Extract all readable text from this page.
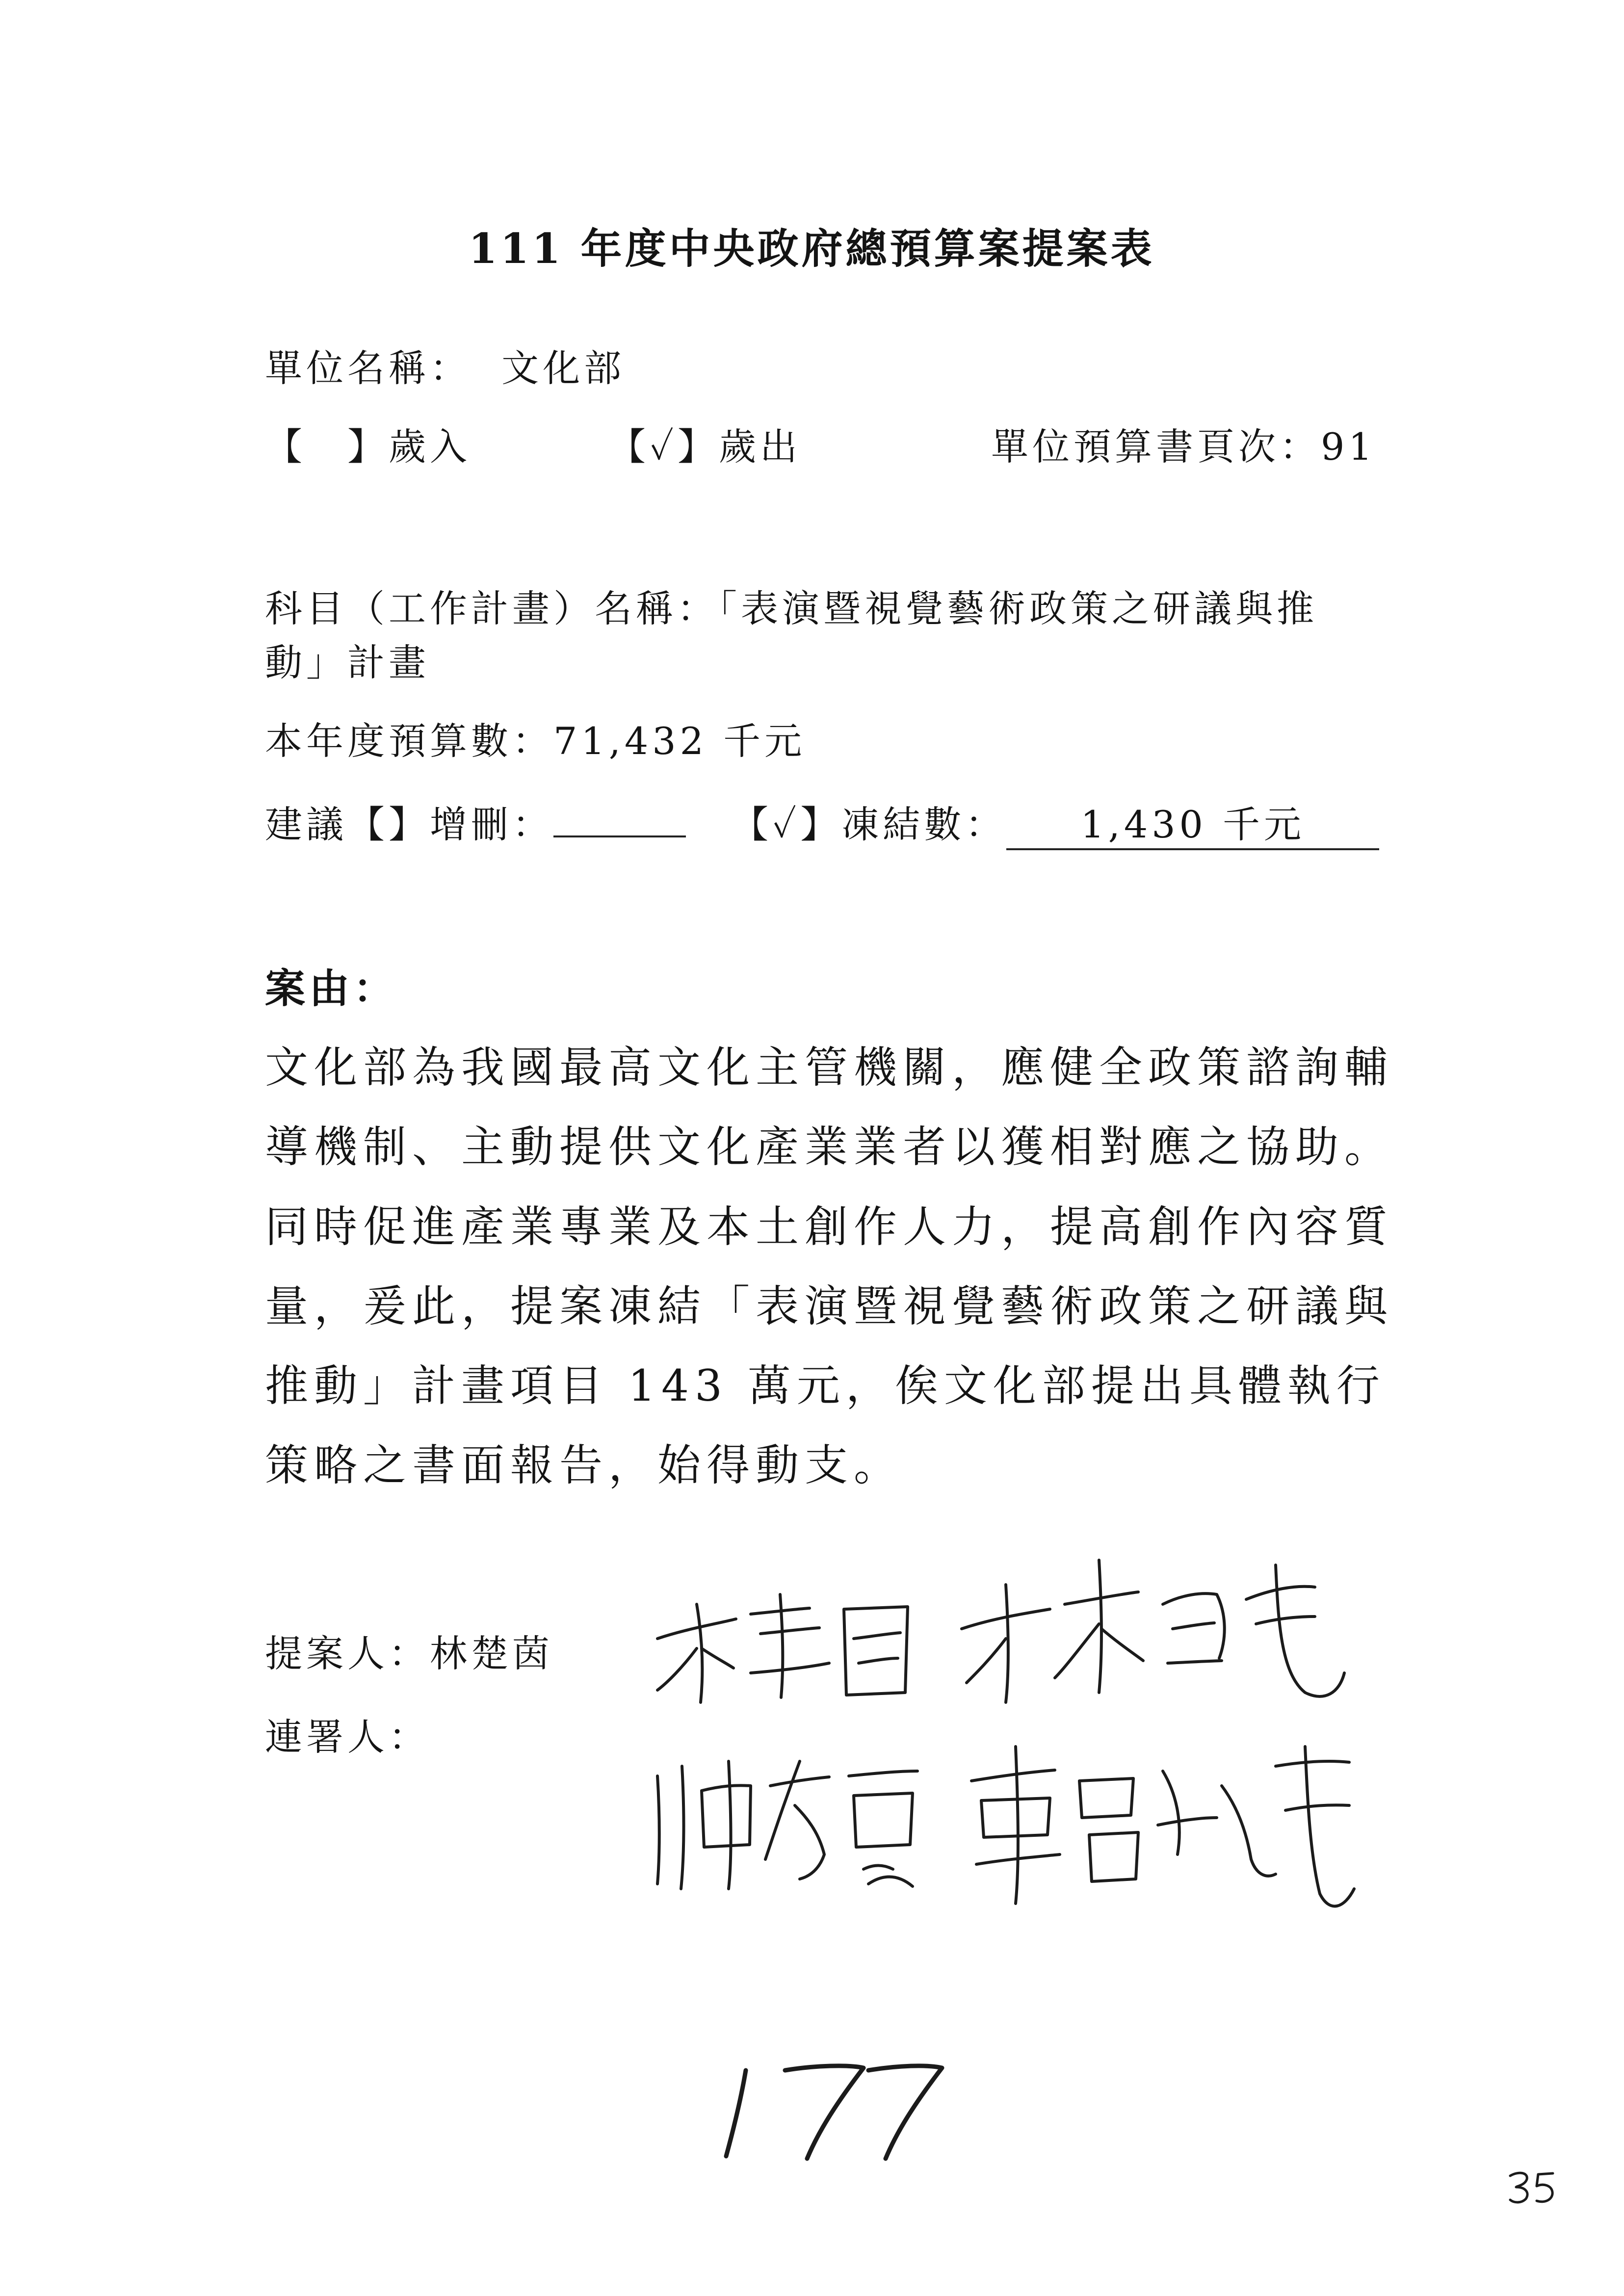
111 年度中央政府總預算案提案表
單位名稱： 文化部
【　】歲入	【✓】歲出	單位預算書頁次：91
科目（工作計畫）名稱：「表演暨視覺藝術政策之研議與推
動」計畫
本年度預算數：71,432 千元
建議【】增刪：	【✓】凍結數： 1,430 千元
案由：
文化部為我國最高文化主管機關，應健全政策諮詢輔導機制、主動提供文化產業業者以獲相對應之協助。
同時促進產業專業及本土創作人力，提高創作內容質量，爰此，提案凍結「表演暨視覺藝術政策之研議與推動」計畫項目 143 萬元，俟文化部提出具體執行策略之書面報告，始得動支。
提案人：林楚茵
連署人：
